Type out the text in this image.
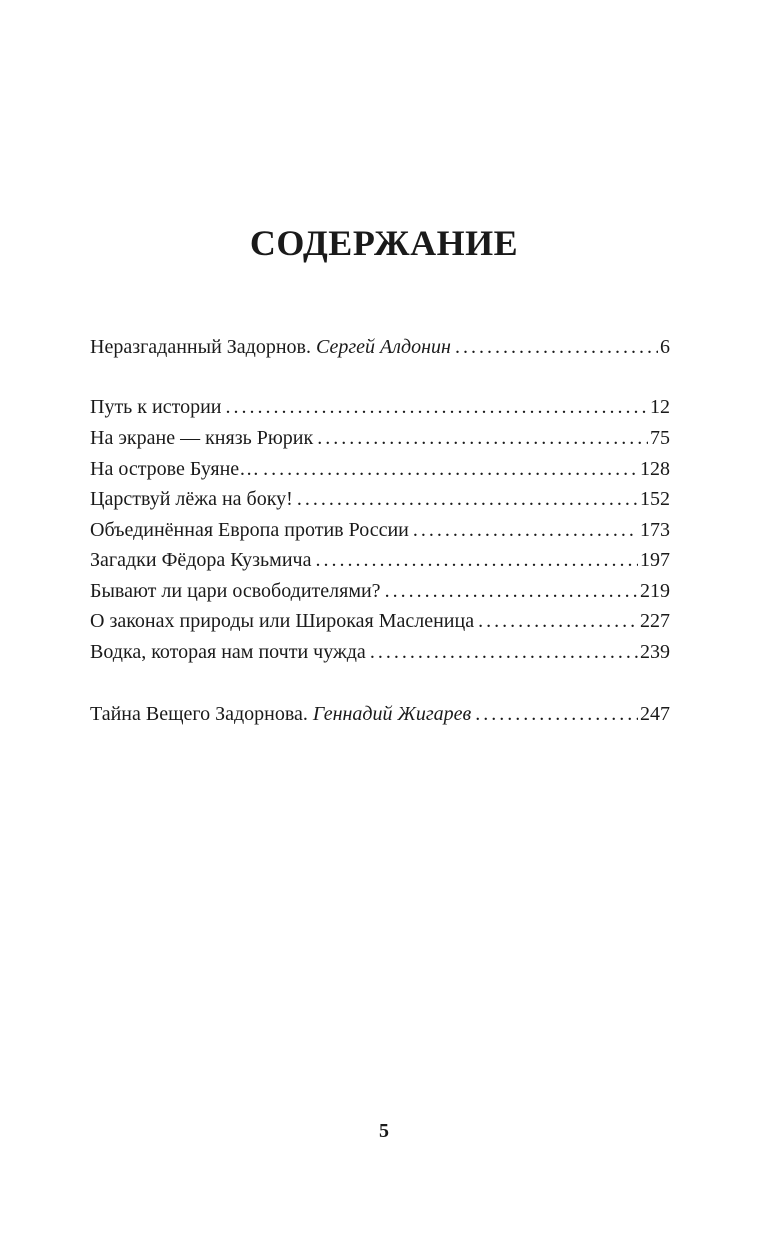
СОДЕРЖАНИЕ
Неразгаданный Задорнов. Сергей Алдонин . . .	6
Путь к истории . . .	12
На экране — князь Рюрик . . .	75
На острове Буяне… . . .	128
Царствуй лёжа на боку! . . .	152
Объединённая Европа против России . . .	173
Загадки Фёдора Кузьмича . . .	197
Бывают ли цари освободителями? . . .	219
О законах природы или Широкая Масленица . . .	227
Водка, которая нам почти чужда . . .	239
Тайна Вещего Задорнова. Геннадий Жигарев . . .	247
5
